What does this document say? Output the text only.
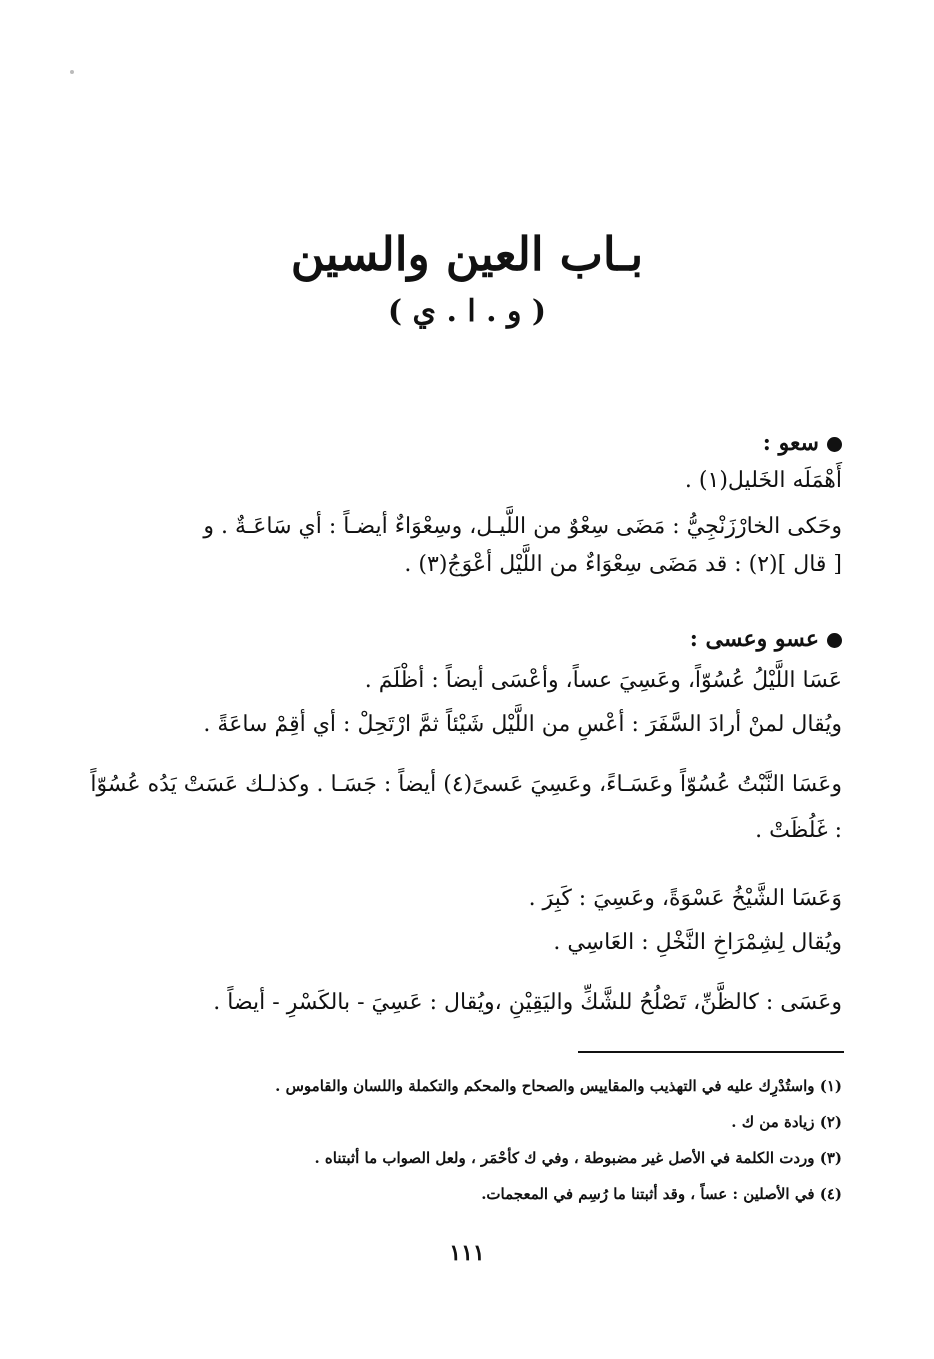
بـاب العين والسين
( و . ا . ي )
سعو :
أَهْمَلَه الخَليل(١) .
وحَكى الخارْزَنْجِيُّ : مَضَى سِعْوٌ من اللَّيـل، وسِعْوَاءٌ أيضـاً : أي سَاعَـةٌ . و
[ قال ](٢) : قد مَضَى سِعْوَاءٌ من اللَّيْل أعْوَجُ(٣) .
عسو وعسى :
عَسَا اللَّيْلُ عُسُوّاً، وعَسِيَ عساً، وأعْسَى أيضاً : أظْلَمَ .
ويُقال لمنْ أرادَ السَّفَرَ : أعْسِ من اللَّيْل شَيْئاً ثمَّ ارْتَحِلْ : أي أقِمْ ساعَةً .
وعَسَا النَّبْتُ عُسُوّاً وعَسَـاءً، وعَسِيَ عَسىً(٤) أيضاً : جَسَـا . وكذلـك عَسَتْ يَدُه عُسُوّاً : غَلُظَتْ .
وَعَسَا الشَّيْخُ عَسْوَةً، وعَسِيَ : كَبِرَ .
ويُقال لِشِمْرَاخِ النَّخْلِ : العَاسِي .
وعَسَى : كالظَّنِّ، تَصْلُحُ للشَّكِّ واليَقِيْنِ ،ويُقال : عَسِيَ - بالكَسْرِ - أيضاً .
(١) واستُدْرِك عليه في التهذيب والمقاييس والصحاح والمحكم والتكملة واللسان والقاموس .
(٢) زيادة من ك .
(٣) وردت الكلمة في الأصل غير مضبوطة ، وفي ك كأحْمَر ، ولعل الصواب ما أثبتناه .
(٤) في الأصلين : عساً ، وقد أثبتنا ما رُسِم في المعجمات.
١١١
